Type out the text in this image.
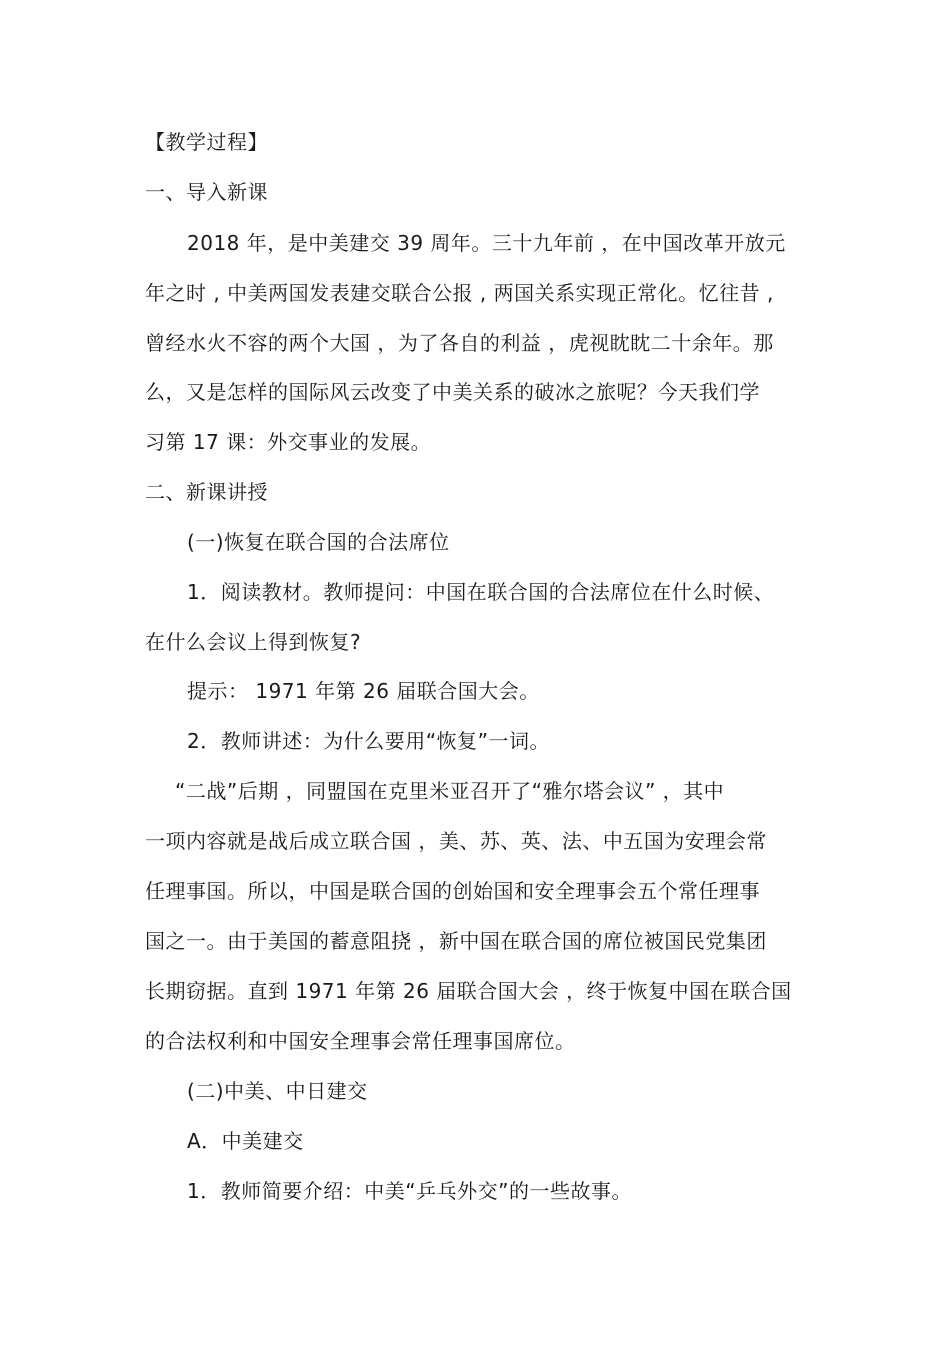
【教学过程】
一、导入新课
2018 年，是中美建交 39 周年。三十九年前 ，在中国改革开放元
年之时 , 中美两国发表建交联合公报 , 两国关系实现正常化。忆往昔 ,
曾经水火不容的两个大国 ，为了各自的利益 ，虎视眈眈二十余年。那
么，又是怎样的国际风云改变了中美关系的破冰之旅呢？今天我们学
习第 17 课：外交事业的发展。
二、新课讲授
(一)恢复在联合国的合法席位
1．阅读教材。教师提问：中国在联合国的合法席位在什么时候、
在什么会议上得到恢复?
提示： 1971 年第 26 届联合国大会。
2．教师讲述：为什么要用“恢复”一词。
“二战”后期 ，同盟国在克里米亚召开了“雅尔塔会议” ，其中
一项内容就是战后成立联合国 ，美、苏、英、法、中五国为安理会常
任理事国。所以，中国是联合国的创始国和安全理事会五个常任理事
国之一。由于美国的蓄意阻挠 ，新中国在联合国的席位被国民党集团
长期窃据。直到 1971 年第 26 届联合国大会 ，终于恢复中国在联合国
的合法权利和中国安全理事会常任理事国席位。
(二)中美、中日建交
A．中美建交
1．教师简要介绍：中美“乒乓外交”的一些故事。
